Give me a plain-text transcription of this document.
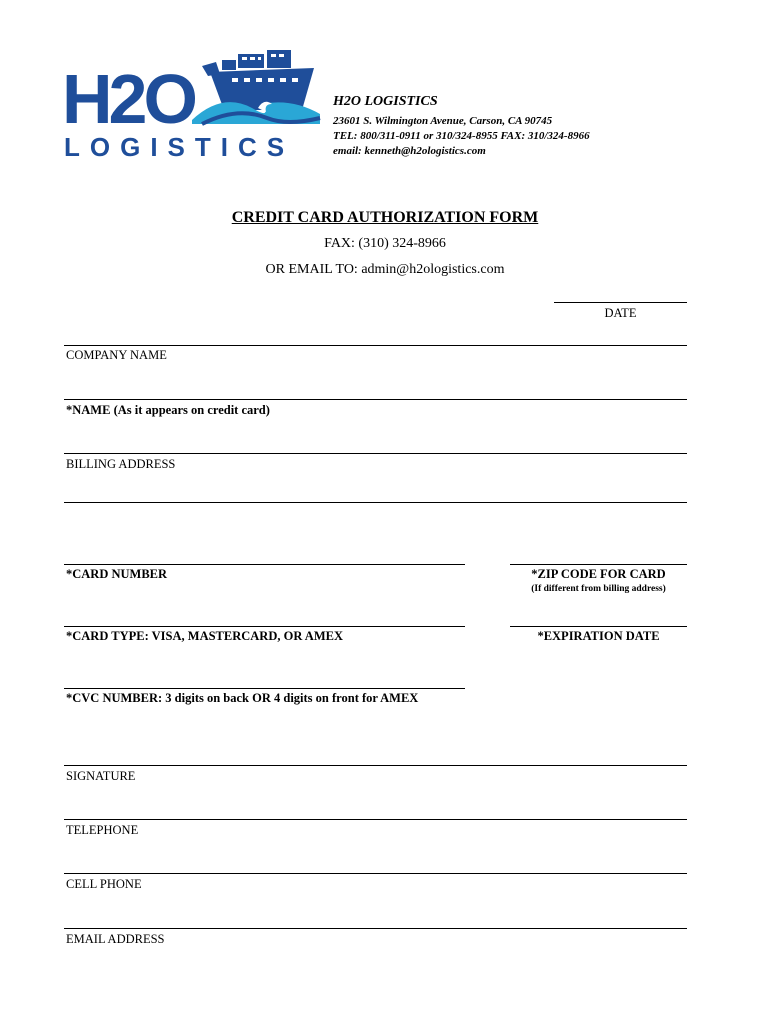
H2O
LOGISTICS
H2O LOGISTICS
23601 S. Wilmington Avenue, Carson, CA 90745
TEL: 800/311-0911 or 310/324-8955 FAX: 310/324-8966
email: kenneth@h2ologistics.com
CREDIT CARD AUTHORIZATION FORM
FAX: (310) 324-8966
OR EMAIL TO: admin@h2ologistics.com
DATE
COMPANY NAME
*NAME (As it appears on credit card)
BILLING ADDRESS
*CARD NUMBER	*ZIP CODE FOR CARD
(If different from billing address)
*CARD TYPE: VISA, MASTERCARD, OR AMEX	*EXPIRATION DATE
*CVC NUMBER: 3 digits on back OR 4 digits on front for AMEX
SIGNATURE
TELEPHONE
CELL PHONE
EMAIL ADDRESS
